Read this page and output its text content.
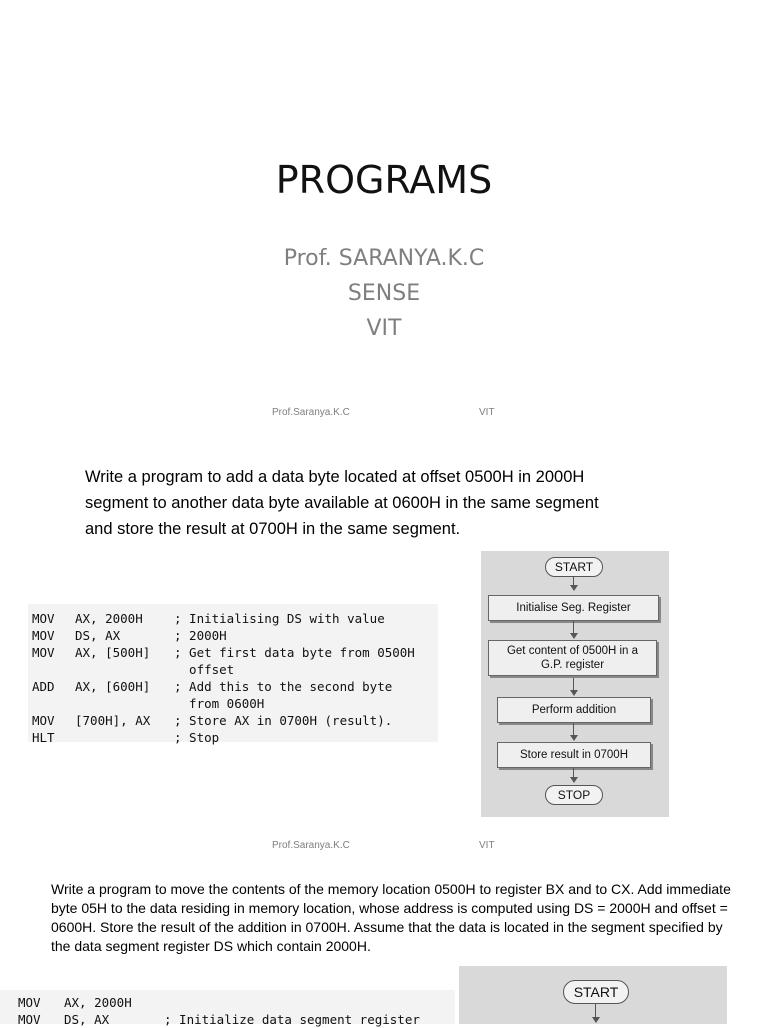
PROGRAMS
Prof. SARANYA.K.C
SENSE
VIT
Prof.Saranya.K.C	VIT
Write a program to add a data byte located at offset 0500H in 2000H segment to another data byte available at 0600H in the same segment and store the result at 0700H in the same segment.
MOV AX, 2000H	; Initialising DS with value
MOV DS, AX	; 2000H
MOV AX, [500H] ; Get first data byte from 0500H
offset
ADD AX, [600H] ; Add this to the second byte
from 0600H
MOV [700H], AX ; Store AX in 0700H (result).
HLT	; Stop
START
Initialise Seg. Register
Get content of 0500H in a G.P. register
Perform addition
Store result in 0700H
STOP
Prof.Saranya.K.C	VIT
Write a program to move the contents of the memory location 0500H to register BX and to CX. Add immediate byte 05H to the data residing in memory location, whose address is computed using DS = 2000H and offset = 0600H. Store the result of the addition in 0700H. Assume that the data is located in the segment specified by the data segment register DS which contain 2000H.
MOV AX, 2000H
MOV DS, AX	; Initialize data segment register
START
